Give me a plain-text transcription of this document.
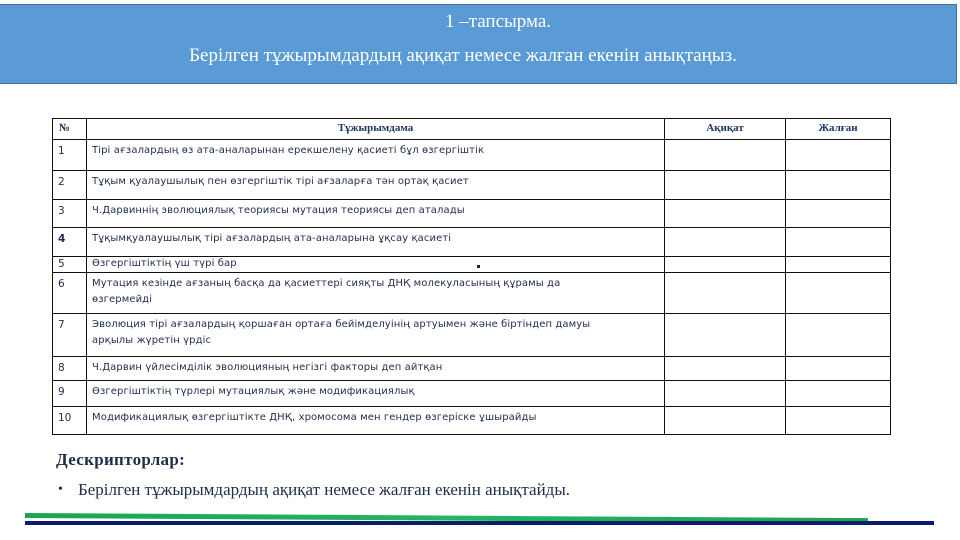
1 –тапсырма.
Берілген тұжырымдардың ақиқат немесе жалған екенін анықтаңыз.
№	Тұжырымдама	Ақиқат	Жалған
1	Тірі ағзалардың өз ата-аналарынан ерекшелену қасиеті бұл өзгергіштік		
2	Тұқым қуалаушылық пен өзгергіштік тірі ағзаларға тән ортақ қасиет		
3	Ч.Дарвиннің эволюциялық теориясы мутация теориясы деп аталады		
4	Тұқымқуалаушылық тірі ағзалардың ата-аналарына ұқсау қасиеті		
5	Өзгергіштіктің үш түрі бар		
6	Мутация кезінде ағзаның басқа да қасиеттері сияқты ДНҚ молекуласының құрамы да өзгермейді		
7	Эволюция тірі ағзалардың қоршаған ортаға бейімделуінің артуымен және біртіндеп дамуы арқылы жүретін үрдіс		
8	Ч.Дарвин үйлесімділік эволюцияның негізгі факторы деп айтқан		
9	Өзгергіштіктің түрлері мутациялық және модификациялық		
10	Модификациялық өзгергіштікте ДНҚ, хромосома мен гендер өзгеріске ұшырайды		
Дескрипторлар:
• Берілген тұжырымдардың ақиқат немесе жалған екенін анықтайды.
